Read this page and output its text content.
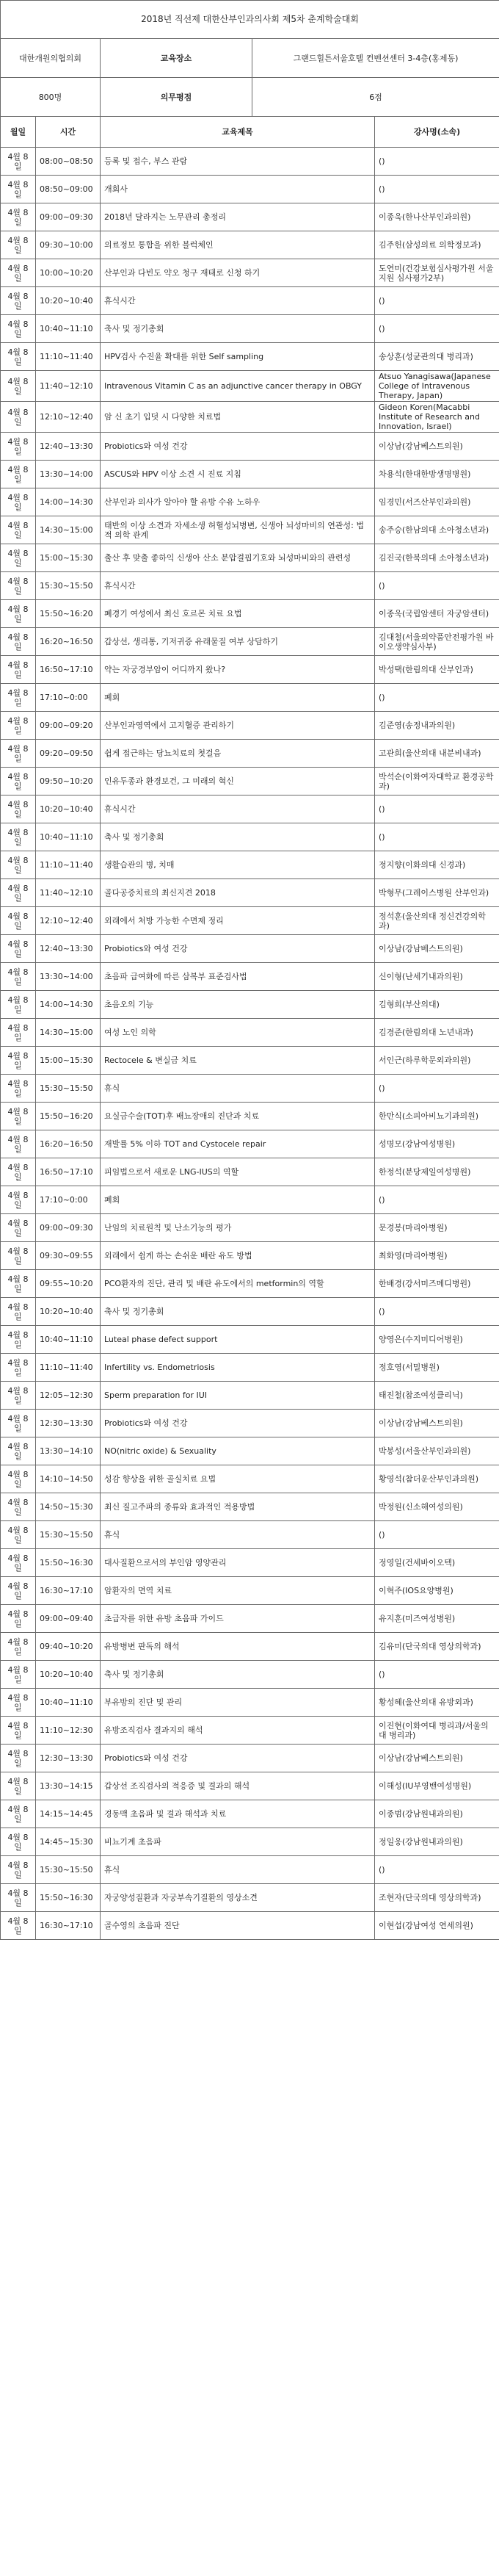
2018년 직선제 대한산부인과의사회 제5차 춘계학술대회				
대한개원의협의회		교육장소	그랜드힐튼서울호텔 컨벤션센터 3-4층(홍제동)	
800명		의무평점	6점	
월일	시간	교육제목		강사명(소속)
4월 8일	08:00~08:50	등록 및 접수, 부스 관람		()
4월 8일	08:50~09:00	개회사		()
4월 8일	09:00~09:30	2018년 달라지는 노무관리 총정리		이종욱(한나산부인과의원)
4월 8일	09:30~10:00	의료정보 통합을 위한 블럭체인		김주헌(삼성의료 의학정보과)
4월 8일	10:00~10:20	산부인과 다빈도 약오 청구 재태로 신청 하기		도연미(건강보험심사평가원 서울지원 심사평가2부)
4월 8일	10:20~10:40	휴식시간		()
4월 8일	10:40~11:10	축사 및 정기총회		()
4월 8일	11:10~11:40	HPV검사 수진율 확대를 위한 Self sampling		송상훈(성균관의대 병리과)
4월 8일	11:40~12:10	Intravenous Vitamin C as an adjunctive cancer therapy in OBGY		Atsuo Yanagisawa(Japanese College of Intravenous Therapy, Japan)
4월 8일	12:10~12:40	암 신 초기 입덧 시 다양한 치료법		Gideon Koren(Macabbi Institute of Research and Innovation, Israel)
4월 8일	12:40~13:30	Probiotics와 여성 건강		이상남(강남베스트의원)
4월 8일	13:30~14:00	ASCUS와 HPV 이상 소견 시 진료 지침		차용석(한대한방생명병원)
4월 8일	14:00~14:30	산부인과 의사가 알아야 할 유방 수유 노하우		임경민(서즈산부인과의원)
4월 8일	14:30~15:00	태반의 이상 소견과 자세소생 허혈성뇌병변, 신생아 뇌성마비의 연관성: 법적 의학 관계		송주승(한남의대 소아청소년과)
4월 8일	15:00~15:30	출산 후 맞출 좋하익 신생아 산소 분압결핍기호와 뇌성마비와의 관련성		김진국(한북의대 소아청소년과)
4월 8일	15:30~15:50	휴식시간		()
4월 8일	15:50~16:20	폐경기 여성에서 최신 호르몬 치료 요법		이종욱(국립암센터 자궁암센터)
4월 8일	16:20~16:50	갑상선, 생리통, 기저귀증 유래물질 여부 상담하기		김대철(서울의약품안전평가원 바이오생약심사부)
4월 8일	16:50~17:10	약는 자궁경부암이 어디까지 왔나?		박성택(한림의대 산부인과)
4월 8일	17:10~0:00	폐회		()
4월 8일	09:00~09:20	산부인과영역에서 고지혈증 관리하기		김준영(송정내과의원)
4월 8일	09:20~09:50	쉽게 접근하는 당뇨치료의 첫걸음		고관희(울산의대 내분비내과)
4월 8일	09:50~10:20	인유두종과 환경보건, 그 미래의 혁신		박석순(이화여자대학교 환경공학과)
4월 8일	10:20~10:40	휴식시간		()
4월 8일	10:40~11:10	축사 및 정기총회		()
4월 8일	11:10~11:40	생활습관의 병, 치매		정지향(이화의대 신경과)
4월 8일	11:40~12:10	골다공증치료의 최신지견 2018		박형무(그레이스병원 산부인과)
4월 8일	12:10~12:40	외래에서 처방 가능한 수면제 정리		정석훈(울산의대 정신건강의학과)
4월 8일	12:40~13:30	Probiotics와 여성 건강		이상남(강남베스트의원)
4월 8일	13:30~14:00	초음파 급여화에 따른 삼복부 표준검사법		신이형(난세기내과의원)
4월 8일	14:00~14:30	초음오의 기능		김형희(부산의대)
4월 8일	14:30~15:00	여성 노인 의학		김경준(한림의대 노년내과)
4월 8일	15:00~15:30	Rectocele & 변실금 치료		서인근(하루학문외과의원)
4월 8일	15:30~15:50	휴식		()
4월 8일	15:50~16:20	요실금수술(TOT)후 배뇨장애의 진단과 치료		한만식(소피아비뇨기과의원)
4월 8일	16:20~16:50	재발률 5% 이하 TOT and Cystocele repair		성명모(강남여성병원)
4월 8일	16:50~17:10	피임법으로서 새로운 LNG-IUS의 역할		한정석(분당제일여성병원)
4월 8일	17:10~0:00	폐회		()
4월 8일	09:00~09:30	난임의 치료원칙 및 난소기능의 평가		문경봉(마리아병원)
4월 8일	09:30~09:55	외래에서 쉽게 하는 손쉬운 배란 유도 방법		최화영(마리아병원)
4월 8일	09:55~10:20	PCO환자의 진단, 관리 및 배란 유도에서의 metformin의 역할		한배경(강서미즈메디병원)
4월 8일	10:20~10:40	축사 및 정기총회		()
4월 8일	10:40~11:10	Luteal phase defect support		양영은(수지미디어병원)
4월 8일	11:10~11:40	Infertility vs. Endometriosis		정호영(서밀병원)
4월 8일	12:05~12:30	Sperm preparation for IUI		태진철(참조여성클리닉)
4월 8일	12:30~13:30	Probiotics와 여성 건강		이상남(강남베스트의원)
4월 8일	13:30~14:10	NO(nitric oxide) & Sexuality		박봉성(서울산부인과의원)
4월 8일	14:10~14:50	성감 향상을 위한 골실치료 요법		황영석(참더운산부인과의원)
4월 8일	14:50~15:30	최신 질고주파의 종류와 효과적인 적용방법		박정원(신소해여성의원)
4월 8일	15:30~15:50	휴식		()
4월 8일	15:50~16:30	대사질환으로서의 부인암 영양관리		정영일(건세바이오텍)
4월 8일	16:30~17:10	암환자의 면역 치료		이혁주(IOS요양병원)
4월 8일	09:00~09:40	초급자를 위한 유방 초음파 가이드		유지훈(미즈여성병원)
4월 8일	09:40~10:20	유방병변 판독의 해석		김유미(단국의대 영상의학과)
4월 8일	10:20~10:40	축사 및 정기총회		()
4월 8일	10:40~11:10	부유방의 진단 및 관리		황성혜(울산의대 유방외과)
4월 8일	11:10~12:30	유방조직검사 결과지의 해석		이진현(이화여대 병리과/서울의대 병리과)
4월 8일	12:30~13:30	Probiotics와 여성 건강		이상남(강남베스트의원)
4월 8일	13:30~14:15	갑상선 조직검사의 적응증 및 결과의 해석		이해성(IU부영밴여성병원)
4월 8일	14:15~14:45	경동맥 초음파 및 결과 해석과 치료		이종범(강남원내과의원)
4월 8일	14:45~15:30	비뇨기계 초음파		정일웅(강남원내과의원)
4월 8일	15:30~15:50	휴식		()
4월 8일	15:50~16:30	자궁양성질환과 자궁부속기질환의 영상소견		조현자(단국의대 영상의학과)
4월 8일	16:30~17:10	골수영의 초음파 진단		이현섭(강남여성 연세의원)
